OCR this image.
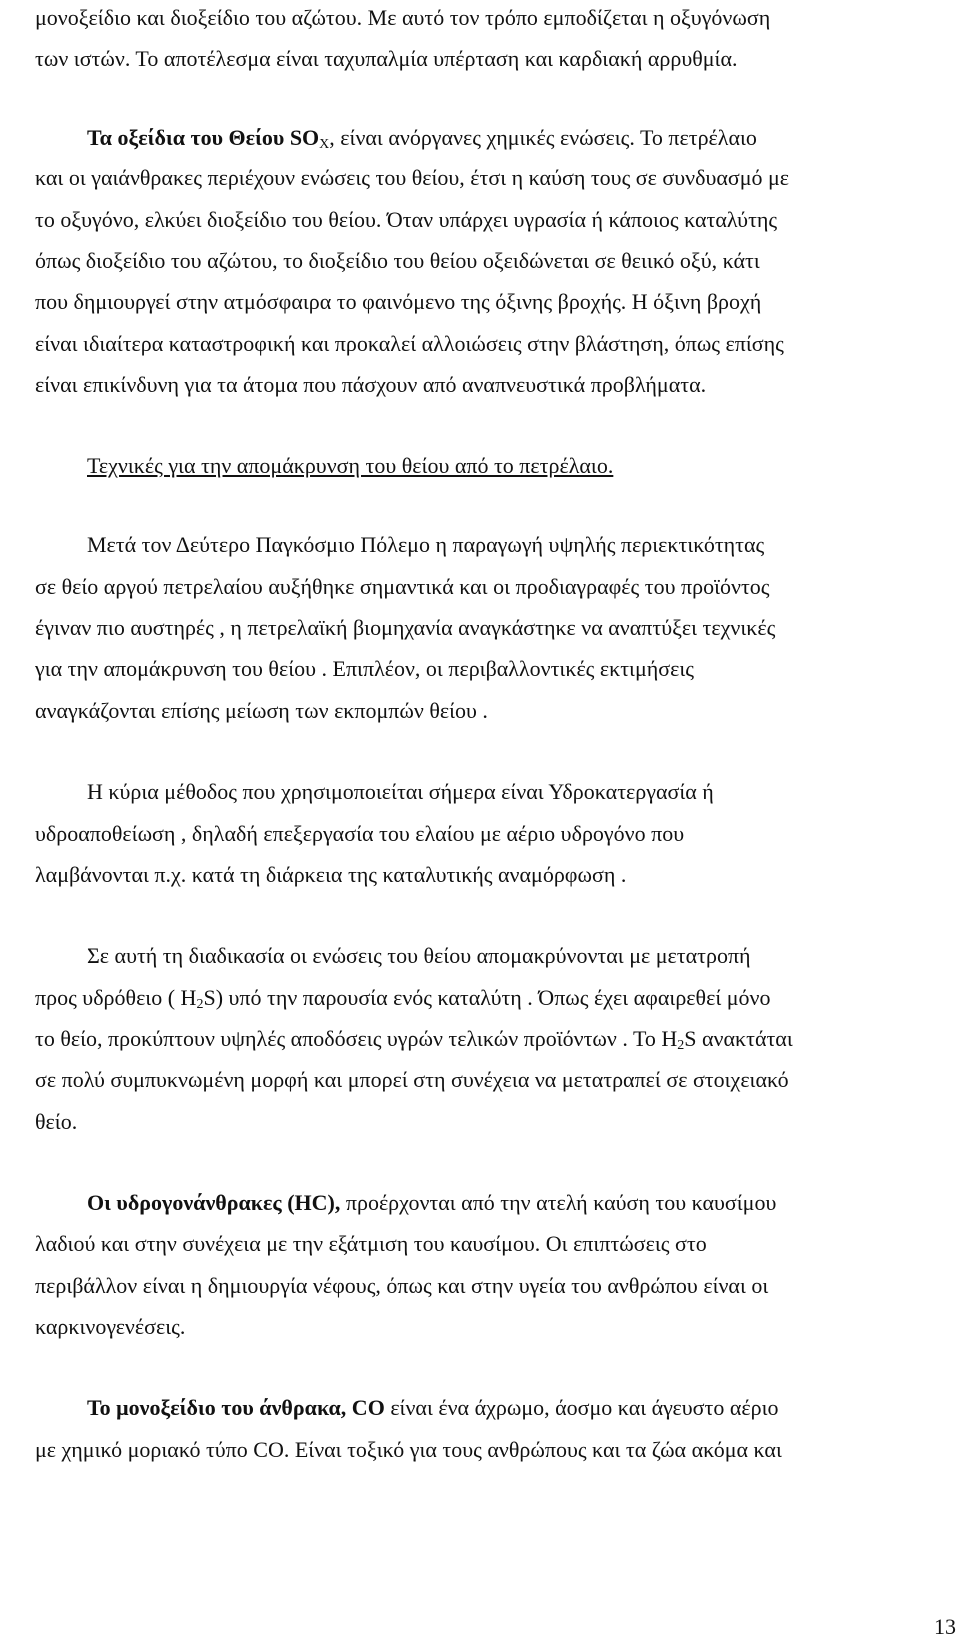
μονοξείδιο και διοξείδιο του αζώτου. Με αυτό τον τρόπο εμποδίζεται η οξυγόνωση
των ιστών. Το αποτέλεσμα είναι ταχυπαλμία υπέρταση και καρδιακή αρρυθμία.
Τα οξείδια του Θείου $SO_X$, είναι ανόργανες χημικές ενώσεις. Το πετρέλαιο
και οι γαιάνθρακες περιέχουν ενώσεις του θείου, έτσι η καύση τους σε συνδυασμό με
το οξυγόνο, ελκύει διοξείδιο του θείου. Όταν υπάρχει υγρασία ή κάποιος καταλύτης
όπως διοξείδιο του αζώτου, το διοξείδιο του θείου οξειδώνεται σε θειικό οξύ, κάτι
που δημιουργεί στην ατμόσφαιρα το φαινόμενο της όξινης βροχής. Η όξινη βροχή
είναι ιδιαίτερα καταστροφική και προκαλεί αλλοιώσεις στην βλάστηση, όπως επίσης
είναι επικίνδυνη για τα άτομα που πάσχουν από αναπνευστικά προβλήματα.
Τεχνικές για την απομάκρυνση του θείου από το πετρέλαιο.
Μετά τον Δεύτερο Παγκόσμιο Πόλεμο η παραγωγή υψηλής περιεκτικότητας
σε θείο αργού πετρελαίου αυξήθηκε σημαντικά και οι προδιαγραφές του προϊόντος
έγιναν πιο αυστηρές , η πετρελαϊκή βιομηχανία αναγκάστηκε να αναπτύξει τεχνικές
για την απομάκρυνση του θείου . Επιπλέον, οι περιβαλλοντικές εκτιμήσεις
αναγκάζονται επίσης μείωση των εκπομπών θείου .
Η κύρια μέθοδος που χρησιμοποιείται σήμερα είναι Υδροκατεργασία ή
υδροαποθείωση , δηλαδή επεξεργασία του ελαίου με αέριο υδρογόνο που
λαμβάνονται π.χ. κατά τη διάρκεια της καταλυτικής αναμόρφωση .
Σε αυτή τη διαδικασία οι ενώσεις του θείου απομακρύνονται με μετατροπή
προς υδρόθειο ( $H_2S$) υπό την παρουσία ενός καταλύτη . Όπως έχει αφαιρεθεί μόνο
το θείο, προκύπτουν υψηλές αποδόσεις υγρών τελικών προϊόντων . Το $H_2S$ ανακτάται
σε πολύ συμπυκνωμένη μορφή και μπορεί στη συνέχεια να μετατραπεί σε στοιχειακό
θείο.
Οι υδρογονάνθρακες (HC), προέρχονται από την ατελή καύση του καυσίμου
λαδιού και στην συνέχεια με την εξάτμιση του καυσίμου. Οι επιπτώσεις στο
περιβάλλον είναι η δημιουργία νέφους, όπως και στην υγεία του ανθρώπου είναι οι
καρκινογενέσεις.
Το μονοξείδιο του άνθρακα, CO είναι ένα άχρωμο, άοσμο και άγευστο αέριο
με χημικό μοριακό τύπο CO. Είναι τοξικό για τους ανθρώπους και τα ζώα ακόμα και
13
